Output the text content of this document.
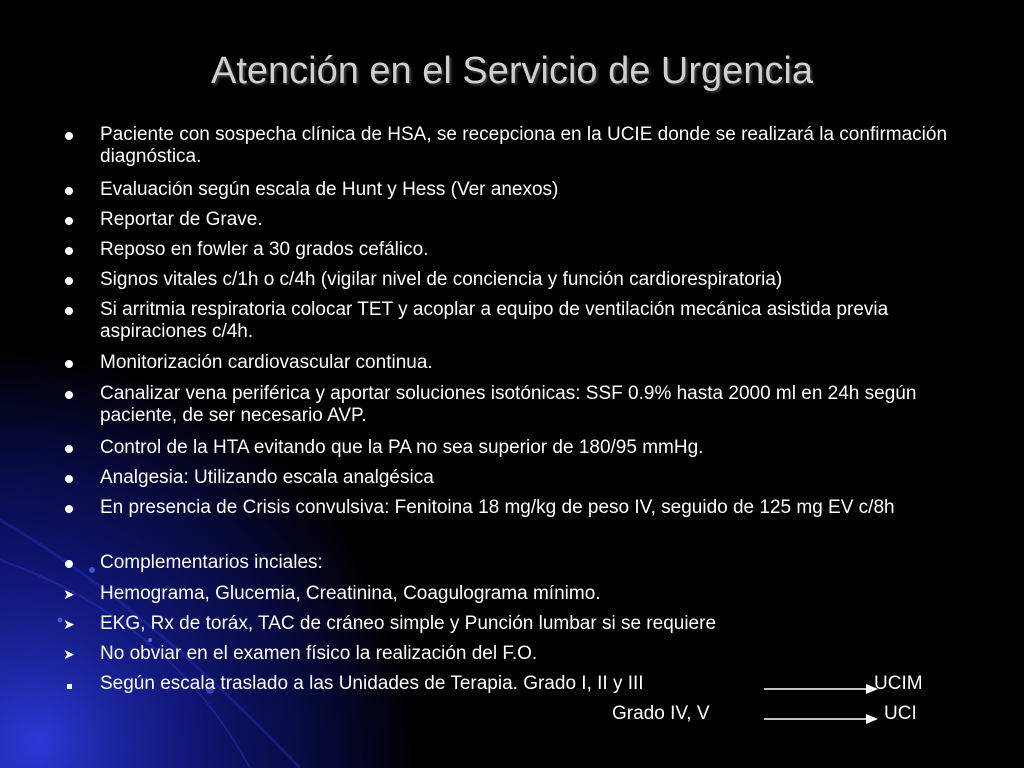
Atención en el Servicio de Urgencia
Paciente con sospecha clínica de HSA, se recepciona en la UCIE donde se realizará la confirmación diagnóstica.
Evaluación según escala de Hunt y Hess (Ver anexos)
Reportar de Grave.
Reposo en fowler a 30 grados cefálico.
Signos vitales c/1h o c/4h (vigilar nivel de conciencia y función cardiorespiratoria)
Si arritmia respiratoria colocar TET y acoplar a equipo de ventilación mecánica asistida previa aspiraciones c/4h.
Monitorización cardiovascular continua.
Canalizar vena periférica y aportar soluciones isotónicas: SSF 0.9% hasta 2000 ml en 24h según paciente, de ser necesario AVP.
Control de la HTA evitando que la PA no sea superior de 180/95 mmHg.
Analgesia: Utilizando escala analgésica
En presencia de Crisis convulsiva: Fenitoina 18 mg/kg de peso IV, seguido de 125 mg EV c/8h
Complementarios inciales:
➤ Hemograma, Glucemia, Creatinina, Coagulograma mínimo.
➤ EKG, Rx de toráx, TAC de cráneo simple y Punción lumbar si se requiere
➤ No obviar en el examen físico la realización del F.O.
Según escala traslado a las Unidades de Terapia. Grado I, II y III	UCIM
Grado IV, V	UCI
